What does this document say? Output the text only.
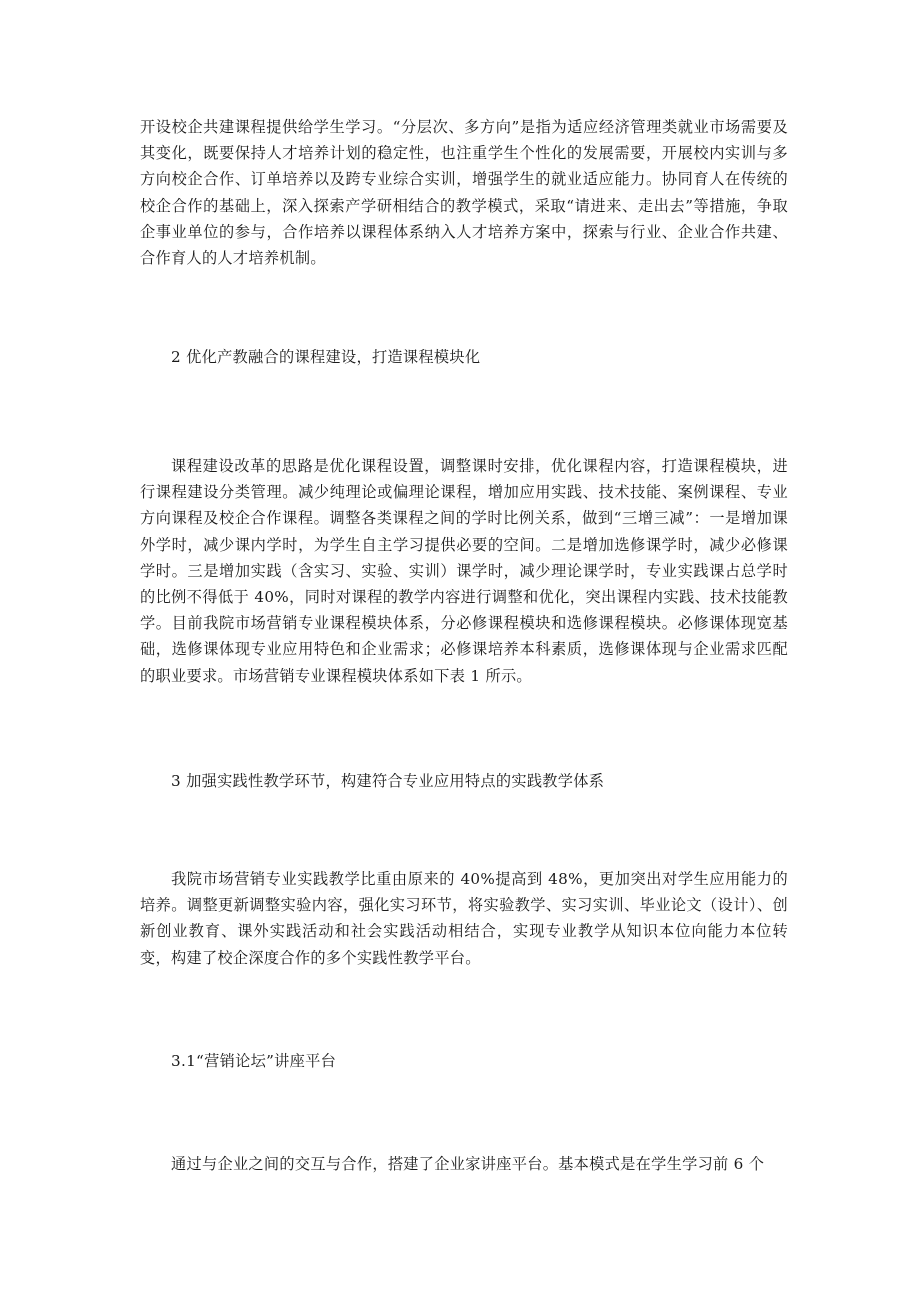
开设校企共建课程提供给学生学习。“分层次、多方向”是指为适应经济管理类就业市场需要及其变化，既要保持人才培养计划的稳定性，也注重学生个性化的发展需要，开展校内实训与多方向校企合作、订单培养以及跨专业综合实训，增强学生的就业适应能力。协同育人在传统的校企合作的基础上，深入探索产学研相结合的教学模式，采取“请进来、走出去”等措施，争取企事业单位的参与，合作培养以课程体系纳入人才培养方案中，探索与行业、企业合作共建、合作育人的人才培养机制。

2 优化产教融合的课程建设，打造课程模块化

课程建设改革的思路是优化课程设置，调整课时安排，优化课程内容，打造课程模块，进行课程建设分类管理。减少纯理论或偏理论课程，增加应用实践、技术技能、案例课程、专业方向课程及校企合作课程。调整各类课程之间的学时比例关系，做到“三增三减”：一是增加课外学时，减少课内学时，为学生自主学习提供必要的空间。二是增加选修课学时，减少必修课学时。三是增加实践（含实习、实验、实训）课学时，减少理论课学时，专业实践课占总学时的比例不得低于 40%，同时对课程的教学内容进行调整和优化，突出课程内实践、技术技能教学。目前我院市场营销专业课程模块体系，分必修课程模块和选修课程模块。必修课体现宽基础，选修课体现专业应用特色和企业需求；必修课培养本科素质，选修课体现与企业需求匹配的职业要求。市场营销专业课程模块体系如下表 1 所示。

3 加强实践性教学环节，构建符合专业应用特点的实践教学体系

我院市场营销专业实践教学比重由原来的 40%提高到 48%，更加突出对学生应用能力的培养。调整更新调整实验内容，强化实习环节，将实验教学、实习实训、毕业论文（设计）、创新创业教育、课外实践活动和社会实践活动相结合，实现专业教学从知识本位向能力本位转变，构建了校企深度合作的多个实践性教学平台。

3.1“营销论坛”讲座平台

通过与企业之间的交互与合作，搭建了企业家讲座平台。基本模式是在学生学习前 6 个
